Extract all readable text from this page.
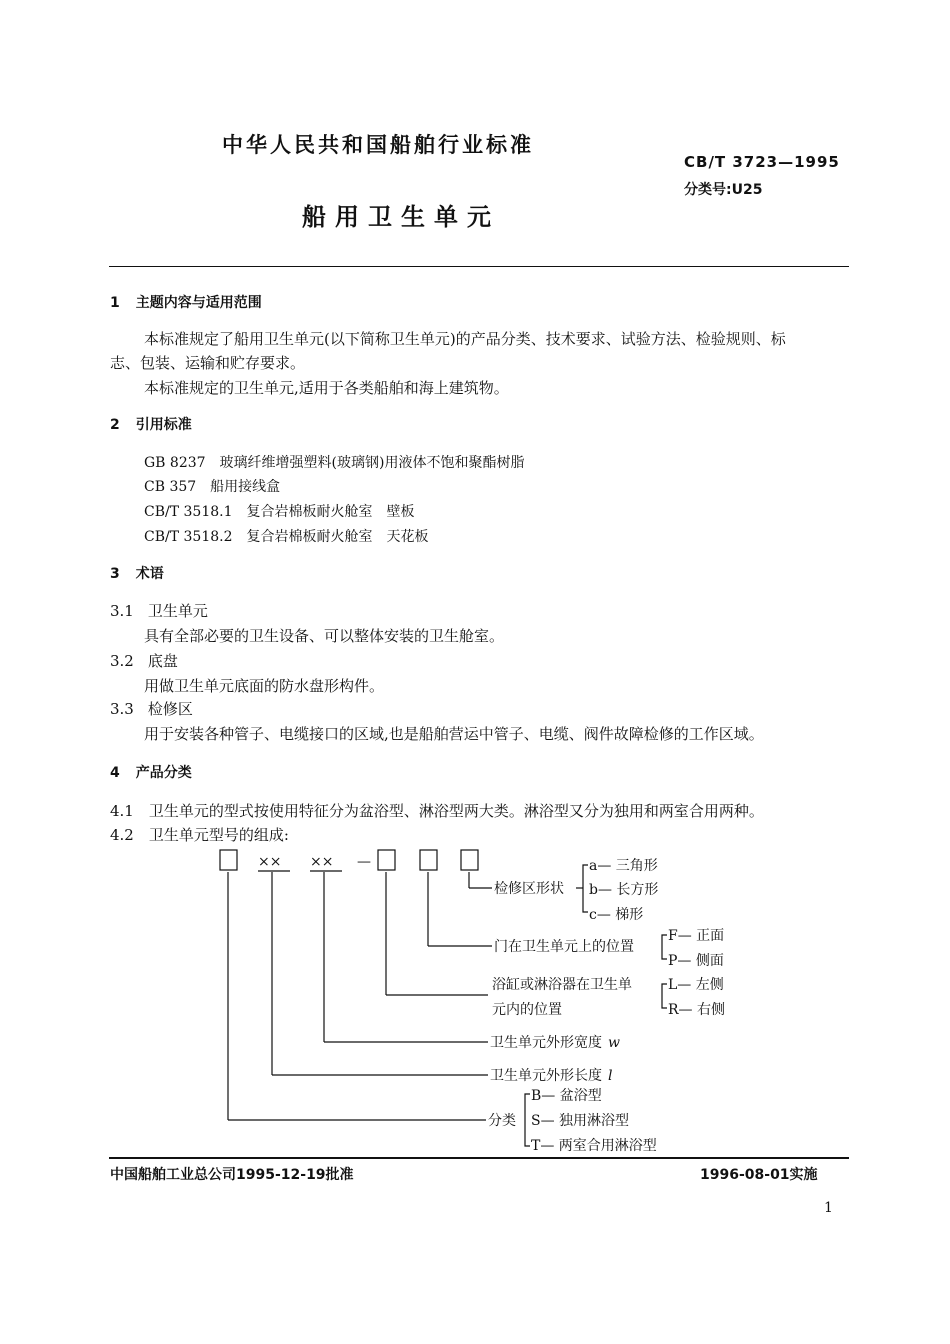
中华人民共和国船舶行业标准
CB/T 3723—1995
分类号:U25
船用卫生单元
1 主题内容与适用范围
本标准规定了船用卫生单元(以下简称卫生单元)的产品分类、技术要求、试验方法、检验规则、标
志、包装、运输和贮存要求。
本标准规定的卫生单元,适用于各类船舶和海上建筑物。
2 引用标准
GB 8237　玻璃纤维增强塑料(玻璃钢)用液体不饱和聚酯树脂
CB 357　船用接线盒
CB/T 3518.1　复合岩棉板耐火舱室　壁板
CB/T 3518.2　复合岩棉板耐火舱室　天花板
3 术语
3.1 卫生单元
具有全部必要的卫生设备、可以整体安装的卫生舱室。
3.2 底盘
用做卫生单元底面的防水盘形构件。
3.3 检修区
用于安装各种管子、电缆接口的区域,也是船舶营运中管子、电缆、阀件故障检修的工作区域。
4 产品分类
4.1　卫生单元的型式按使用特征分为盆浴型、淋浴型两大类。淋浴型又分为独用和两室合用两种。
4.2　卫生单元型号的组成:
×× ×× —
检修区形状
a— 三角形
b— 长方形
c— 梯形
门在卫生单元上的位置
F— 正面
P— 侧面
浴缸或淋浴器在卫生单
元内的位置
L— 左侧
R— 右侧
卫生单元外形宽度 w
卫生单元外形长度 l
分类
B— 盆浴型
S— 独用淋浴型
T— 两室合用淋浴型
中国船舶工业总公司1995-12-19批准	1996-08-01实施
1
